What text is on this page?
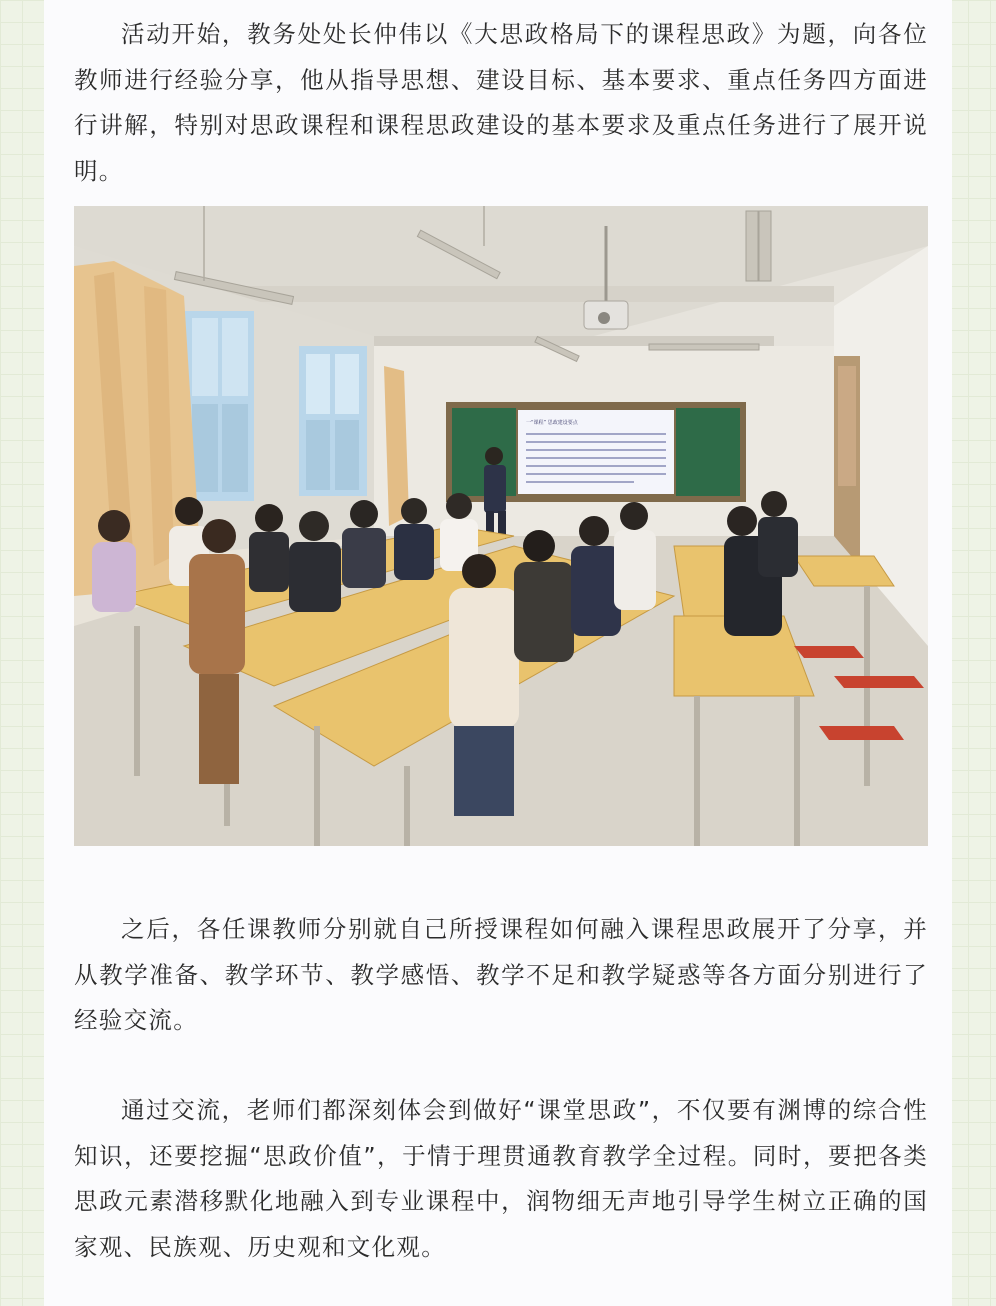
活动开始，教务处处长仲伟以《大思政格局下的课程思政》为题，向各位教师进行经验分享，他从指导思想、建设目标、基本要求、重点任务四方面进行讲解，特别对思政课程和课程思政建设的基本要求及重点任务进行了展开说明。

一“课程” 思政建设要点

之后，各任课教师分别就自己所授课程如何融入课程思政展开了分享，并从教学准备、教学环节、教学感悟、教学不足和教学疑惑等各方面分别进行了经验交流。

通过交流，老师们都深刻体会到做好“课堂思政”，不仅要有渊博的综合性知识，还要挖掘“思政价值”，于情于理贯通教育教学全过程。同时，要把各类思政元素潜移默化地融入到专业课程中，润物细无声地引导学生树立正确的国家观、民族观、历史观和文化观。
